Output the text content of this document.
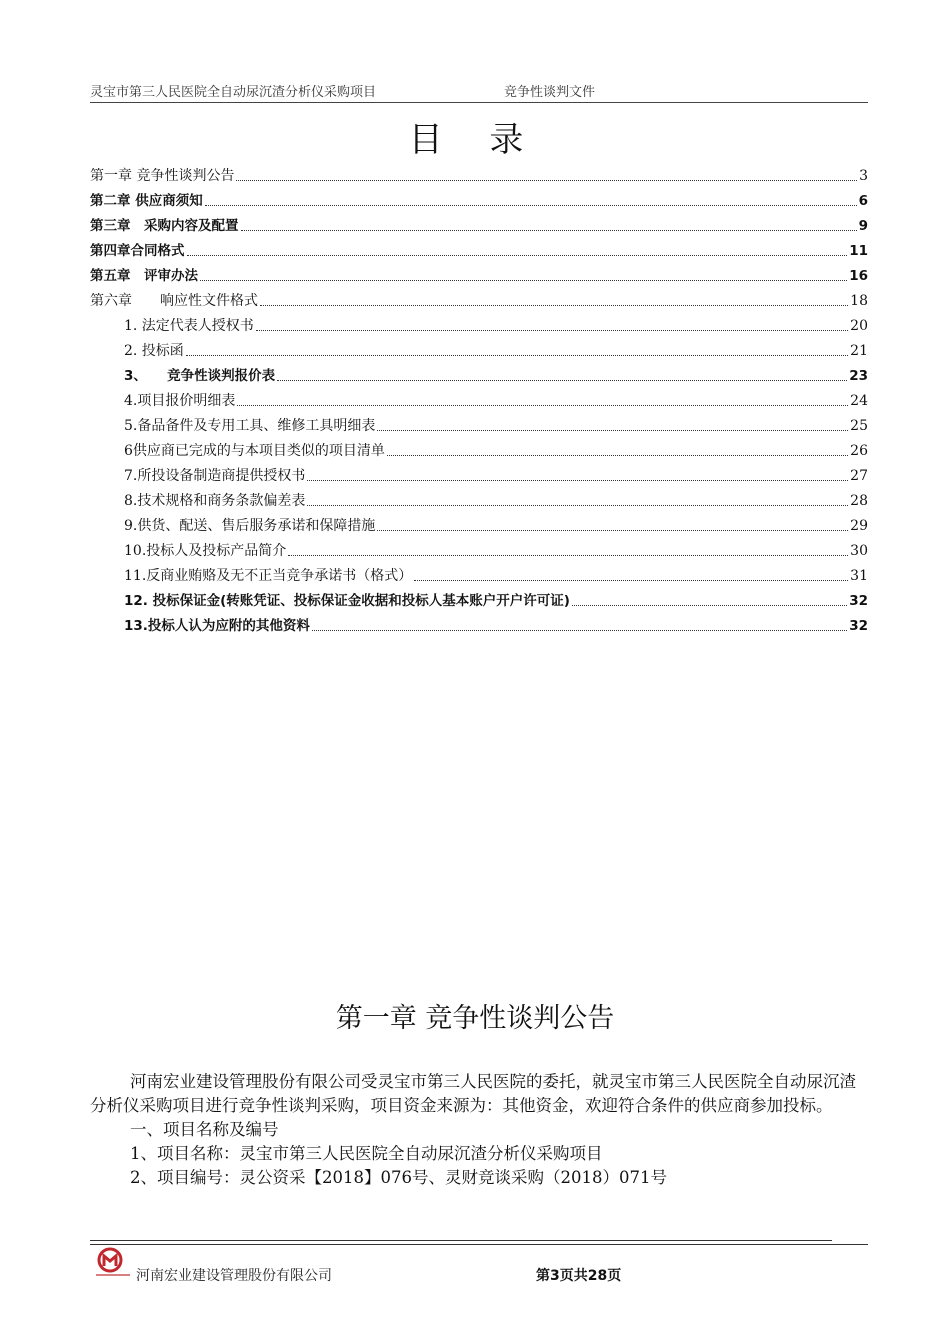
灵宝市第三人民医院全自动尿沉渣分析仪采购项目	竞争性谈判文件
目 录
第一章 竞争性谈判公告	3
第二章 供应商须知	6
第三章　采购内容及配置	9
第四章合同格式	11
第五章　评审办法	16
第六章　　响应性文件格式	18
1. 法定代表人授权书	20
2. 投标函	21
3、　　竞争性谈判报价表	23
4.项目报价明细表	24
5.备品备件及专用工具、维修工具明细表	25
6供应商已完成的与本项目类似的项目清单	26
7.所投设备制造商提供授权书	27
8.技术规格和商务条款偏差表	28
9.供货、配送、售后服务承诺和保障措施	29
10.投标人及投标产品简介	30
11.反商业贿赂及无不正当竞争承诺书（格式）	31
12. 投标保证金(转账凭证、投标保证金收据和投标人基本账户开户许可证)	32
13.投标人认为应附的其他资料	32
第一章 竞争性谈判公告

河南宏业建设管理股份有限公司受灵宝市第三人民医院的委托，就灵宝市第三人民医院全自动尿沉渣分析仪采购项目进行竞争性谈判采购，项目资金来源为：其他资金，欢迎符合条件的供应商参加投标。

一、项目名称及编号

1、项目名称：灵宝市第三人民医院全自动尿沉渣分析仪采购项目

2、项目编号：灵公资采【2018】076号、灵财竞谈采购（2018）071号

河南宏业建设管理股份有限公司	第3页共28页
